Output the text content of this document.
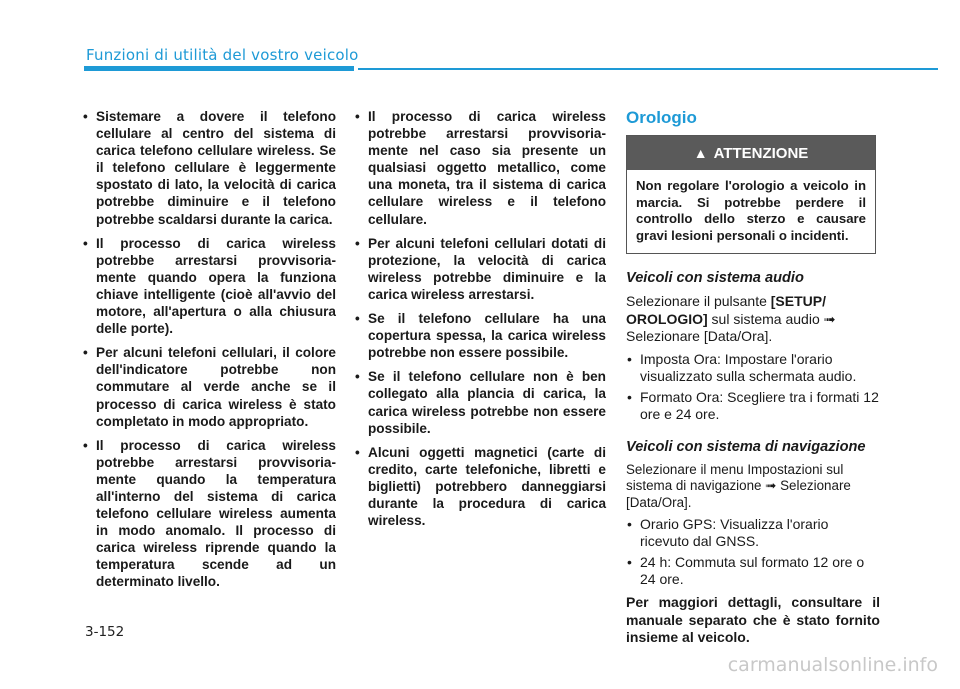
Funzioni di utilità del vostro veicolo
• Sistemare a dovere il telefono cellulare al centro del sistema di carica telefono cellulare wireless. Se il telefono cellulare è leggermente spostato di lato, la velocità di carica potrebbe diminuire e il telefono potrebbe scaldarsi durante la carica.
• Il processo di carica wireless potrebbe arrestarsi provvisoria-mente quando opera la funziona chiave intelligente (cioè all'avvio del motore, all'apertura o alla chiusura delle porte).
• Per alcuni telefoni cellulari, il colore dell'indicatore potrebbe non commutare al verde anche se il processo di carica wireless è stato completato in modo appropriato.
• Il processo di carica wireless potrebbe arrestarsi provvisoria-mente quando la temperatura all'interno del sistema di carica telefono cellulare wireless aumenta in modo anomalo. Il processo di carica wireless riprende quando la temperatura scende ad un determinato livello.
• Il processo di carica wireless potrebbe arrestarsi provvisoria-mente nel caso sia presente un qualsiasi oggetto metallico, come una moneta, tra il sistema di carica cellulare wireless e il telefono cellulare.
• Per alcuni telefoni cellulari dotati di protezione, la velocità di carica wireless potrebbe diminuire e la carica wireless arrestarsi.
• Se il telefono cellulare ha una copertura spessa, la carica wireless potrebbe non essere possibile.
• Se il telefono cellulare non è ben collegato alla plancia di carica, la carica wireless potrebbe non essere possibile.
• Alcuni oggetti magnetici (carte di credito, carte telefoniche, libretti e biglietti) potrebbero danneggiarsi durante la procedura di carica wireless.
Orologio
▲ ATTENZIONE
Non regolare l'orologio a veicolo in marcia. Si potrebbe perdere il controllo dello sterzo e causare gravi lesioni personali o incidenti.
Veicoli con sistema audio
Selezionare il pulsante [SETUP/ OROLOGIO] sul sistema audio ➟ Selezionare [Data/Ora].
• Imposta Ora: Impostare l'orario visualizzato sulla schermata audio.
• Formato Ora: Scegliere tra i formati 12 ore e 24 ore.
Veicoli con sistema di navigazione
Selezionare il menu Impostazioni sul sistema di navigazione ➟ Selezionare [Data/Ora].
• Orario GPS: Visualizza l'orario ricevuto dal GNSS.
• 24 h: Commuta sul formato 12 ore o 24 ore.
Per maggiori dettagli, consultare il manuale separato che è stato fornito insieme al veicolo.
3-152
carmanualsonline.info
